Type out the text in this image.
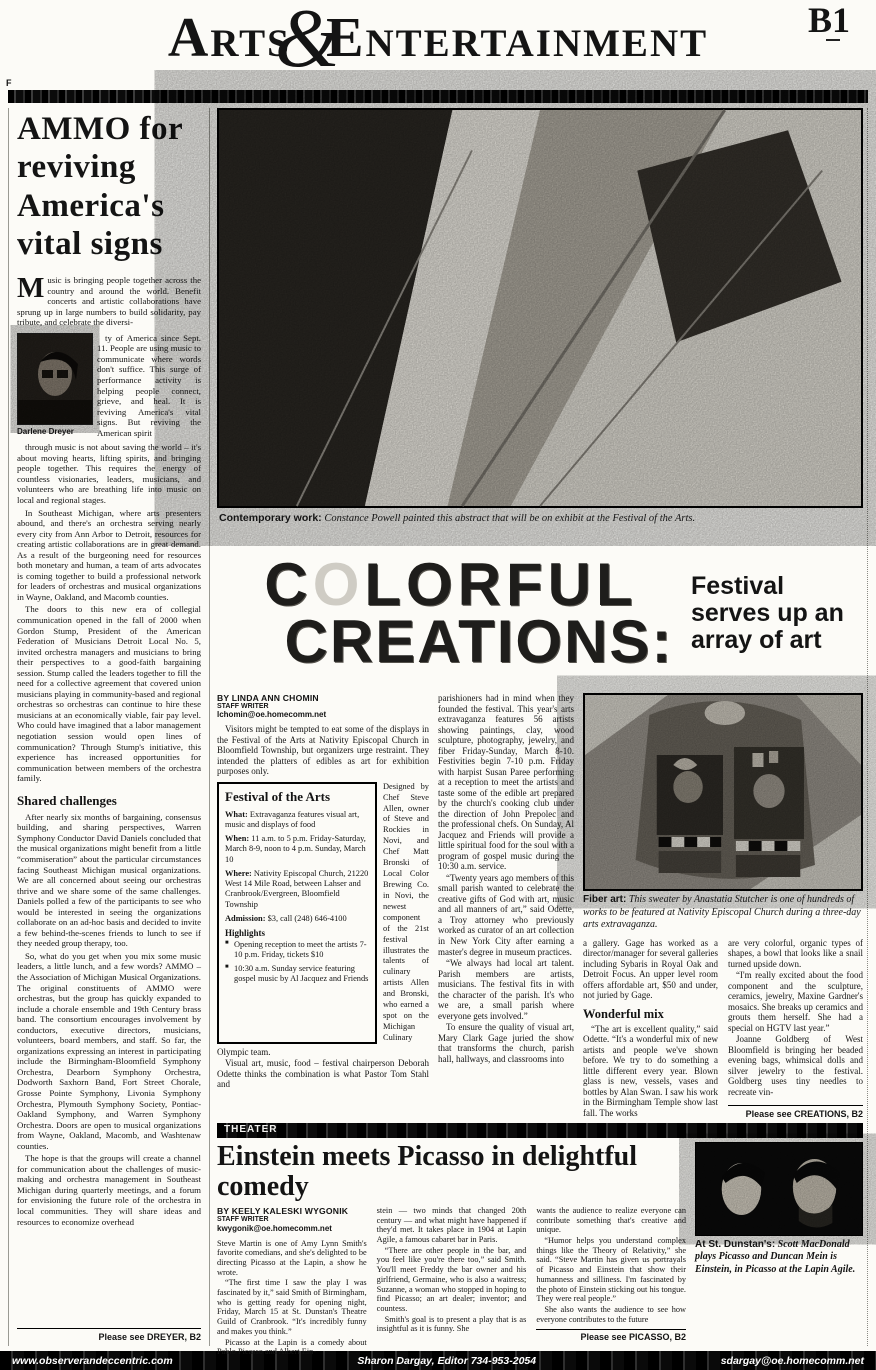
F
Arts&Entertainment	B1
AMMO for reviving America's vital signs

Music is bringing people together across the country and around the world. Benefit concerts and artistic collaborations have sprung up in large numbers to build solidarity, pay tribute, and celebrate the diversi-

Darlene Dreyer

ty of America since Sept. 11. People are using music to communicate where words don't suffice. This surge of performance activity is helping people connect, grieve, and heal. It is reviving America's vital signs. But reviving the American spirit

through music is not about saving the world – it's about moving hearts, lifting spirits, and bringing people together. This requires the energy of countless visionaries, leaders, musicians, and volunteers who are breathing life into music on local and regional stages.

In Southeast Michigan, where arts presenters abound, and there's an orchestra serving nearly every city from Ann Arbor to Detroit, resources for creating artistic collaborations are in great demand. As a result of the burgeoning need for resources both monetary and human, a team of arts advocates is coming together to build a professional network for leaders of orchestras and musical organizations in Wayne, Oakland, and Macomb counties.

The doors to this new era of collegial communication opened in the fall of 2000 when Gordon Stump, President of the American Federation of Musicians Detroit Local No. 5, invited orchestra managers and musicians to bring their perspectives to a good-faith bargaining session. Stump called the leaders together to fill the need for a collective agreement that covered union musicians playing in community-based and regional orchestras so orchestras can continue to hire these musicians at an economically viable, fair pay level. Who could have imagined that a labor management negotiation session would open lines of communication? Through Stump's initiative, this experience has increased opportunities for communication between members of the orchestra family.

Shared challenges

After nearly six months of bargaining, consensus building, and sharing perspectives, Warren Symphony Conductor David Daniels concluded that the musical organizations might benefit from a little “commiseration” about the particular circumstances facing Southeast Michigan musical organizations. We are all concerned about seeing our orchestras thrive and we share some of the same challenges. Daniels polled a few of the participants to see who would be interested in seeing the organizations collaborate on an ad-hoc basis and decided to invite a few behind-the-scenes friends to lunch to see if they needed group therapy, too.

So, what do you get when you mix some music leaders, a little lunch, and a few words? AMMO – the Association of Michigan Musical Organizations. The original constituents of AMMO were orchestras, but the group has quickly expanded to include a chorale ensemble and 19th Century brass band. The consortium encourages involvement by conductors, executive directors, musicians, volunteers, board members, and staff. So far, the organizations expressing an interest in participating include the Birmingham-Bloomfield Symphony Orchestra, Dearborn Symphony Orchestra, Dodworth Saxhorn Band, Fort Street Chorale, Grosse Pointe Symphony, Livonia Symphony Orchestra, Plymouth Symphony Society, Pontiac-Oakland Symphony, and Warren Symphony Orchestra. Doors are open to musical organizations from Wayne, Oakland, Macomb, and Washtenaw counties.

The hope is that the groups will create a channel for communication about the challenges of music-making and orchestra management in Southeast Michigan during quarterly meetings, and a forum for envisioning the future role of the orchestra in local communities. They will share ideas and resources to economize overhead

Please see DREYER, B2
Contemporary work: Constance Powell painted this abstract that will be on exhibit at the Festival of the Arts.
COLORFUL
CREATIONS:
Festival serves up an array of art
BY LINDA ANN CHOMIN
STAFF WRITER
lchomin@oe.homecomm.net

Visitors might be tempted to eat some of the displays in the Festival of the Arts at Nativity Episcopal Church in Bloomfield Township, but organizers urge restraint. They intended the platters of edibles as art for exhibition purposes only.

Festival of the Arts
What: Extravaganza features visual art, music and displays of food
When: 11 a.m. to 5 p.m. Friday-Saturday, March 8-9, noon to 4 p.m. Sunday, March 10
Where: Nativity Episcopal Church, 21220 West 14 Mile Road, between Lahser and Cranbrook/Evergreen, Bloomfield Township
Admission: $3, call (248) 646-4100
Highlights
■ Opening reception to meet the artists 7-10 p.m. Friday, tickets $10
■ 10:30 a.m. Sunday service featuring gospel music by Al Jacquez and Friends
Designed by Chef Steve Allen, owner of Steve and Rockies in Novi, and Chef Matt Bronski of Local Color Brewing Co. in Novi, the newest component of the 21st festival illustrates the talents of culinary artists Allen and Bronski, who earned a spot on the Michigan Culinary

Olympic team.

Visual art, music, food – festival chairperson Deborah Odette thinks the combination is what Pastor Tom Stahl and

parishioners had in mind when they founded the festival. This year's arts extravaganza features 56 artists showing paintings, clay, wood sculpture, photography, jewelry, and fiber Friday-Sunday, March 8-10. Festivities begin 7-10 p.m. Friday with harpist Susan Paree performing at a reception to meet the artists and taste some of the edible art prepared by the church's cooking club under the direction of John Prepolec and the professional chefs. On Sunday, Al Jacquez and Friends will provide a little spiritual food for the soul with a program of gospel music during the 10:30 a.m. service.

“Twenty years ago members of this small parish wanted to celebrate the creative gifts of God with art, music and all manners of art,” said Odette, a Troy attorney who previously worked as curator of an art collection in New York City after earning a master's degree in museum practices.

“We always had local art talent. Parish members are artists, musicians. The festival fits in with the character of the parish. It's who we are, a small parish where everyone gets involved.”

To ensure the quality of visual art, Mary Clark Gage juried the show that transforms the church, parish hall, hallways, and classrooms into

Fiber art: This sweater by Anastatia Stutcher is one of hundreds of works to be featured at Nativity Episcopal Church during a three-day arts extravaganza.

a gallery. Gage has worked as a director/manager for several galleries including Sybaris in Royal Oak and Detroit Focus. An upper level room offers affordable art, $50 and under, not juried by Gage.

Wonderful mix

“The art is excellent quality,” said Odette. “It's a wonderful mix of new artists and people we've shown before. We try to do something a little different every year. Blown glass is new, vessels, vases and bottles by Alan Swan. I saw his work in the Birmingham Temple show last fall. The works

are very colorful, organic types of shapes, a bowl that looks like a snail turned upside down.

“I'm really excited about the food component and the sculpture, ceramics, jewelry, Maxine Gardner's mosaics. She breaks up ceramics and grouts them herself. She had a special on HGTV last year.”

Joanne Goldberg of West Bloomfield is bringing her beaded evening bags, whimsical dolls and silver jewelry to the festival. Goldberg uses tiny needles to recreate vin-

Please see CREATIONS, B2
THEATER
Einstein meets Picasso in delightful comedy
BY KEELY KALESKI WYGONIK
STAFF WRITER
kwygonik@oe.homecomm.net

Steve Martin is one of Amy Lynn Smith's favorite comedians, and she's delighted to be directing Picasso at the Lapin, a show he wrote.

“The first time I saw the play I was fascinated by it,” said Smith of Birmingham, who is getting ready for opening night, Friday, March 15 at St. Dunstan's Theatre Guild of Cranbrook. “It's incredibly funny and makes you think.”

Picasso at the Lapin is a comedy about Pablo Picasso and Albert Ein-

stein — two minds that changed 20th century — and what might have happened if they'd met. It takes place in 1904 at Lapin Agile, a famous cabaret bar in Paris.

“There are other people in the bar, and you feel like you're there too,” said Smith. You'll meet Freddy the bar owner and his girlfriend, Germaine, who is also a waitress; Suzanne, a woman who stopped in hoping to find Picasso; an art dealer; inventor; and countess.

Smith's goal is to present a play that is as insightful as it is funny. She

wants the audience to realize everyone can contribute something that's creative and unique.

“Humor helps you understand complex things like the Theory of Relativity,” she said. “Steve Martin has given us portrayals of Picasso and Einstein that show their humanness and silliness. I'm fascinated by the photo of Einstein sticking out his tongue. They were real people.”

She also wants the audience to see how everyone contributes to the future

Please see PICASSO, B2
At St. Dunstan's: Scott MacDonald plays Picasso and Duncan Mein is Einstein, in Picasso at the Lapin Agile.
www.observerandeccentric.com	Sharon Dargay, Editor 734-953-2054	sdargay@oe.homecomm.net
